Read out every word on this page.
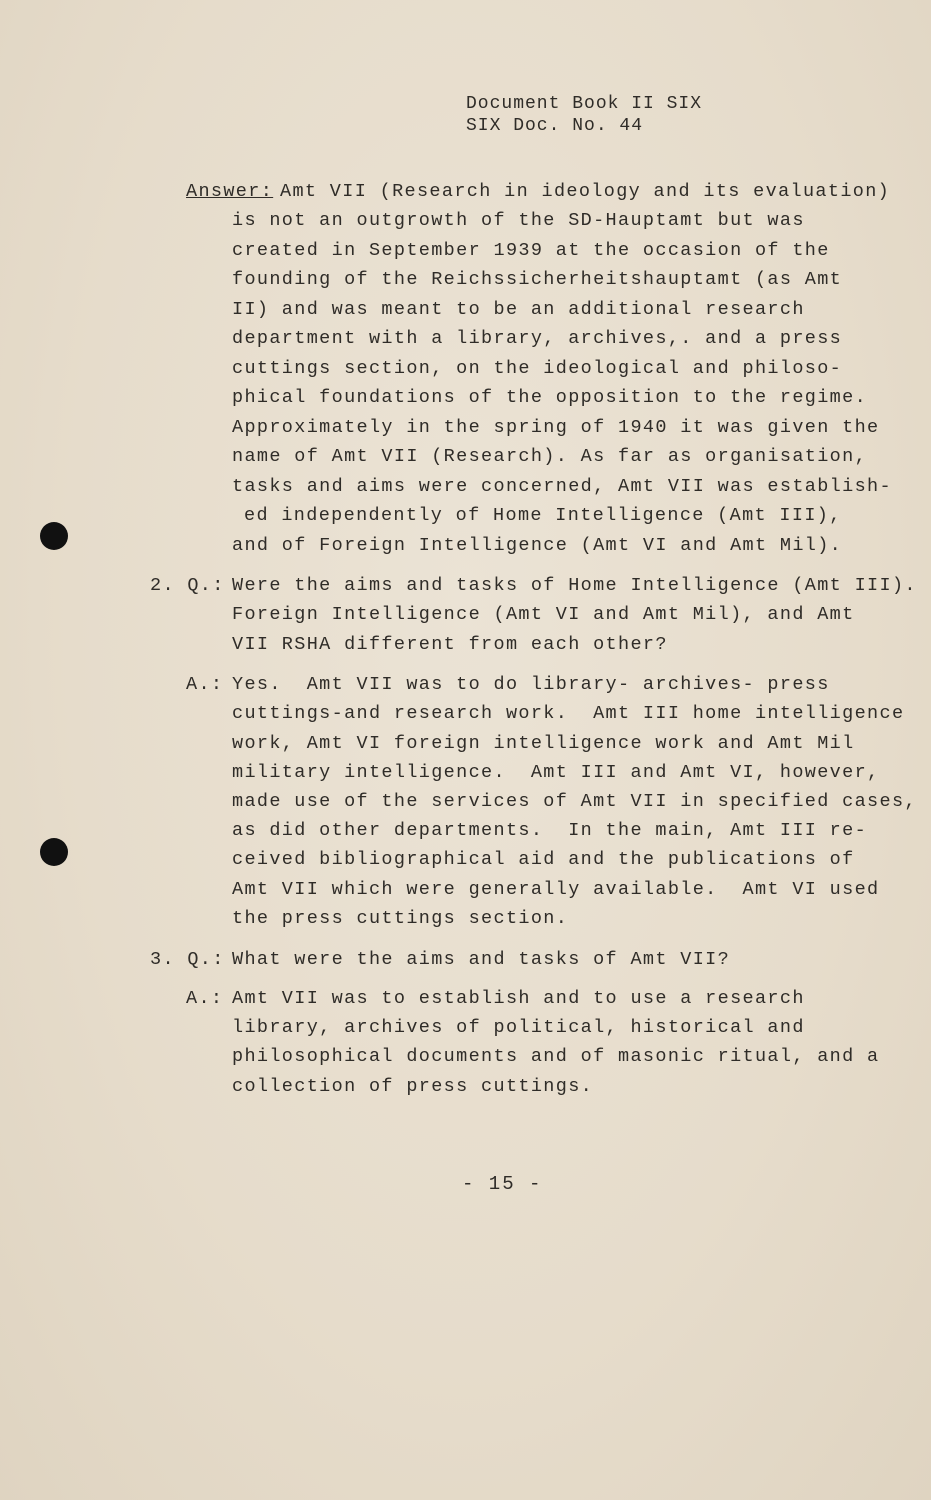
Document Book II SIX
SIX Doc. No. 44
Answer: Amt VII (Research in ideology and its evaluation)
is not an outgrowth of the SD-Hauptamt but was
created in September 1939 at the occasion of the
founding of the Reichssicherheitshauptamt (as Amt
II) and was meant to be an additional research
department with a library, archives,. and a press
cuttings section, on the ideological and philoso-
phical foundations of the opposition to the regime.
Approximately in the spring of 1940 it was given the
name of Amt VII (Research). As far as organisation,
tasks and aims were concerned, Amt VII was establish-
ed independently of Home Intelligence (Amt III),
and of Foreign Intelligence (Amt VI and Amt Mil).
2. Q.: Were the aims and tasks of Home Intelligence (Amt III).
Foreign Intelligence (Amt VI and Amt Mil), and Amt
VII RSHA different from each other?
A.: Yes.  Amt VII was to do library- archives- press
cuttings-and research work.  Amt III home intelligence
work, Amt VI foreign intelligence work and Amt Mil
military intelligence.  Amt III and Amt VI, however,
made use of the services of Amt VII in specified cases,
as did other departments.  In the main, Amt III re-
ceived bibliographical aid and the publications of
Amt VII which were generally available.  Amt VI used
the press cuttings section.
3. Q.: What were the aims and tasks of Amt VII?
A.: Amt VII was to establish and to use a research
library, archives of political, historical and
philosophical documents and of masonic ritual, and a
collection of press cuttings.
- 15 -
